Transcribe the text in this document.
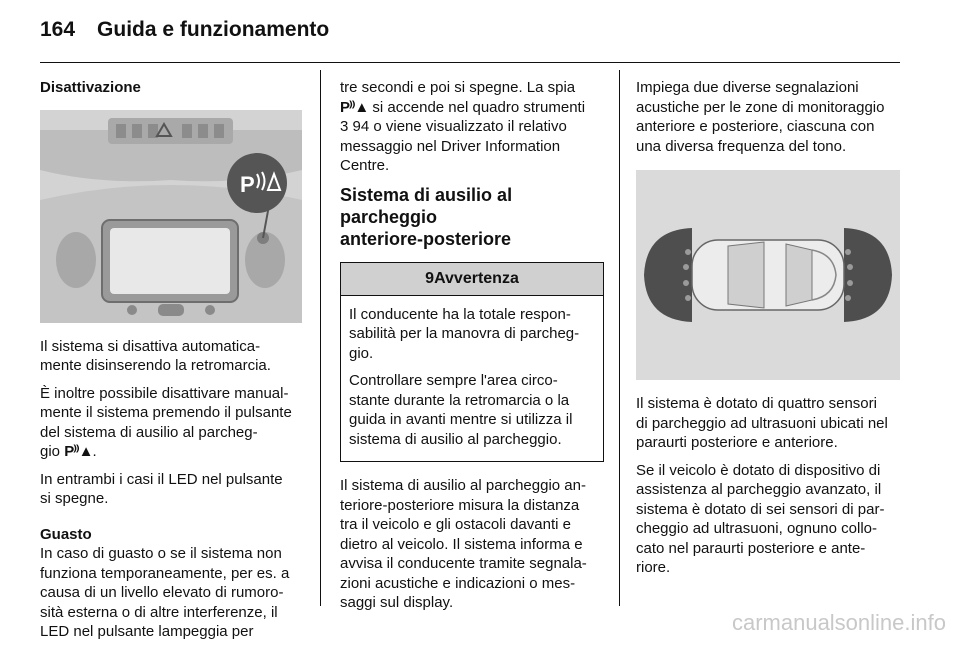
164 Guida e funzionamento
Disattivazione
P

Il sistema si disattiva automatica-
mente disinserendo la retromarcia.

È inoltre possibile disattivare manual-
mente il sistema premendo il pulsante
del sistema di ausilio al parcheg-
gio P⁾⁾▲.

In entrambi i casi il LED nel pulsante
si spegne.

Guasto

In caso di guasto o se il sistema non
funziona temporaneamente, per es. a
causa di un livello elevato di rumoro-
sità esterna o di altre interferenze, il
LED nel pulsante lampeggia per

tre secondi e poi si spegne. La spia
P⁾⁾▲ si accende nel quadro strumenti
3 94 o viene visualizzato il relativo
messaggio nel Driver Information
Centre.

Sistema di ausilio al parcheggio
anteriore-posteriore
9Avvertenza

Il conducente ha la totale respon-
sabilità per la manovra di parcheg-
gio.

Controllare sempre l'area circo-
stante durante la retromarcia o la
guida in avanti mentre si utilizza il
sistema di ausilio al parcheggio.

Il sistema di ausilio al parcheggio an-
teriore-posteriore misura la distanza
tra il veicolo e gli ostacoli davanti e
dietro al veicolo. Il sistema informa e
avvisa il conducente tramite segnala-
zioni acustiche e indicazioni o mes-
saggi sul display.

Impiega due diverse segnalazioni
acustiche per le zone di monitoraggio
anteriore e posteriore, ciascuna con
una diversa frequenza del tono.

Il sistema è dotato di quattro sensori
di parcheggio ad ultrasuoni ubicati nel
paraurti posteriore e anteriore.

Se il veicolo è dotato di dispositivo di
assistenza al parcheggio avanzato, il
sistema è dotato di sei sensori di par-
cheggio ad ultrasuoni, ognuno collo-
cato nel paraurti posteriore e ante-
riore.

carmanualsonline.info
